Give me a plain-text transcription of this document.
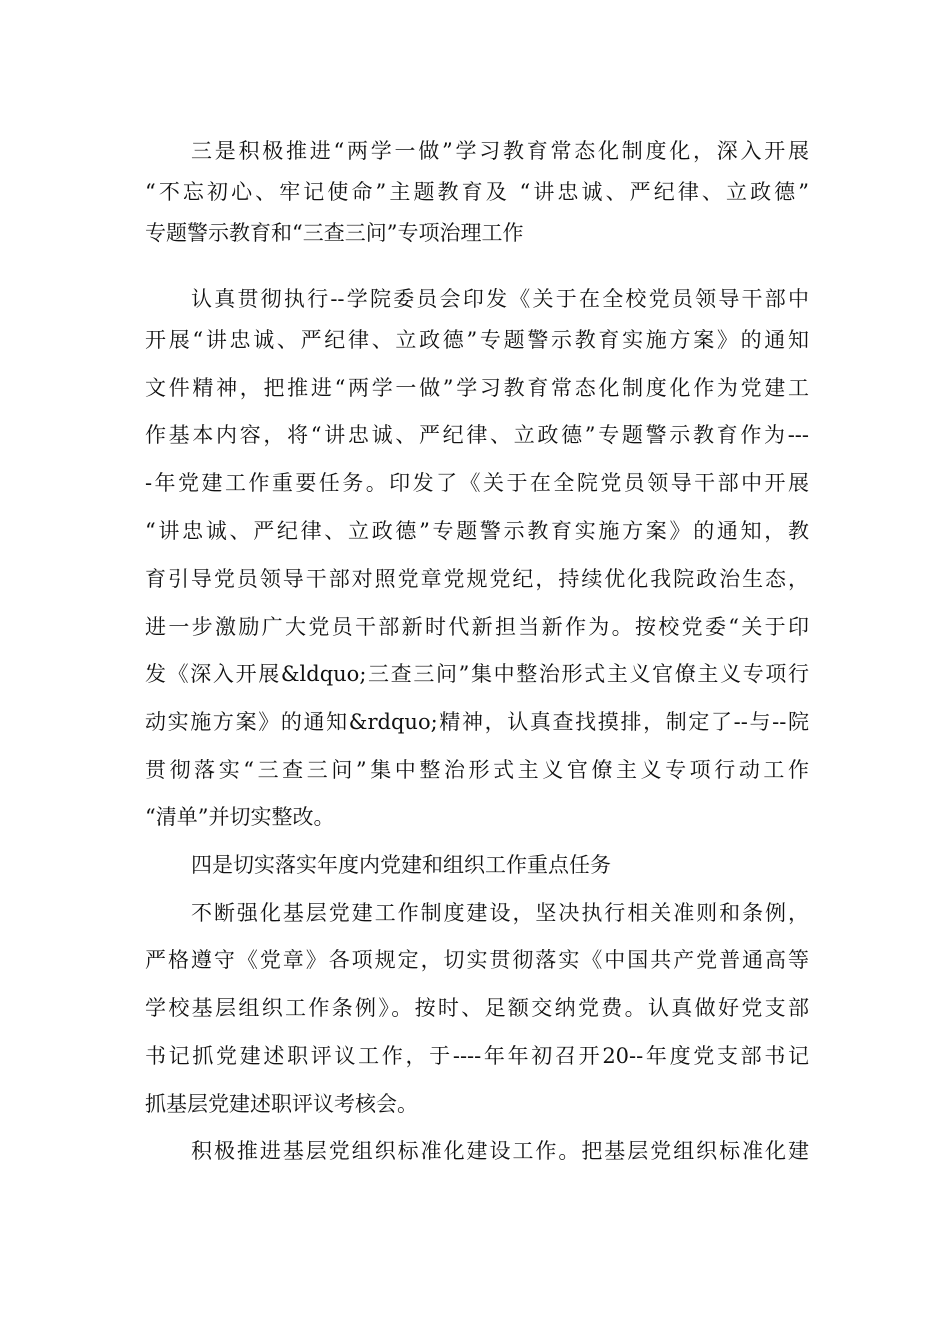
三是积极推进“两学一做”学习教育常态化制度化，深入开展
“不忘初心、牢记使命”主题教育及 “讲忠诚、严纪律、立政德”
专题警示教育和“三查三问”专项治理工作
认真贯彻执行--学院委员会印发《关于在全校党员领导干部中
开展“讲忠诚、严纪律、立政德”专题警示教育实施方案》的通知
文件精神，把推进“两学一做”学习教育常态化制度化作为党建工
作基本内容，将“讲忠诚、严纪律、立政德”专题警示教育作为---
-年党建工作重要任务。印发了《关于在全院党员领导干部中开展
“讲忠诚、严纪律、立政德”专题警示教育实施方案》的通知，教
育引导党员领导干部对照党章党规党纪，持续优化我院政治生态，
进一步激励广大党员干部新时代新担当新作为。按校党委“关于印
发《深入开展&ldquo;三查三问”集中整治形式主义官僚主义专项行
动实施方案》的通知&rdquo;精神，认真查找摸排，制定了--与--院
贯彻落实“三查三问”集中整治形式主义官僚主义专项行动工作
“清单”并切实整改。
四是切实落实年度内党建和组织工作重点任务
不断强化基层党建工作制度建设，坚决执行相关准则和条例，
严格遵守《党章》各项规定，切实贯彻落实《中国共产党普通高等
学校基层组织工作条例》。按时、足额交纳党费。认真做好党支部
书记抓党建述职评议工作，于----年年初召开20--年度党支部书记
抓基层党建述职评议考核会。
积极推进基层党组织标准化建设工作。把基层党组织标准化建
